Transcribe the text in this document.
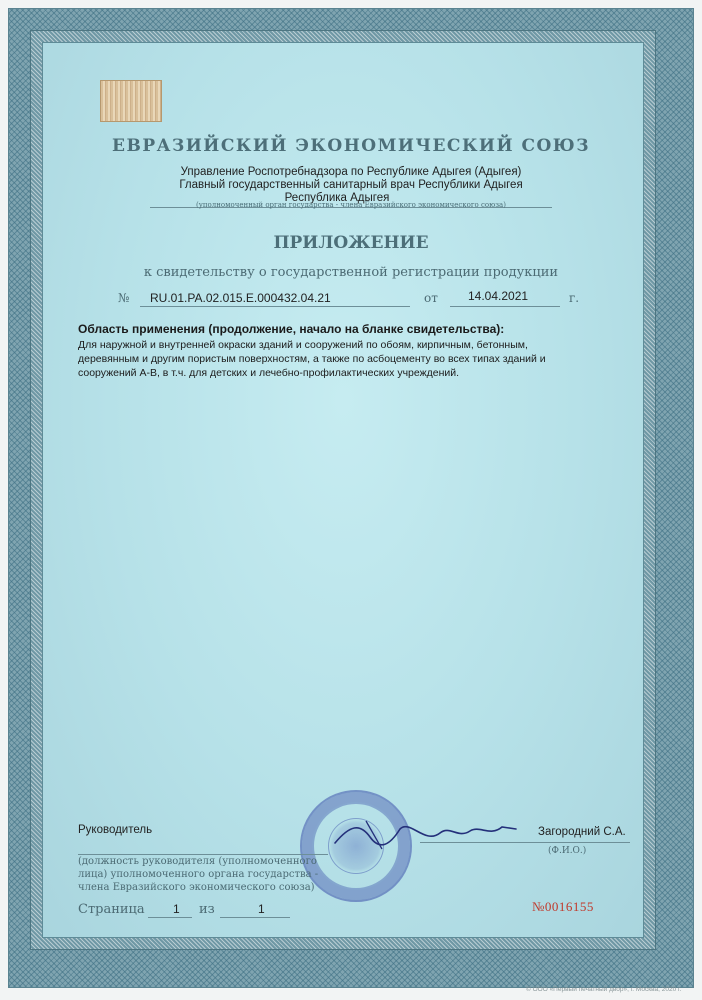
ЕВРАЗИЙСКИЙ ЭКОНОМИЧЕСКИЙ СОЮЗ
Управление Роспотребнадзора по Республике Адыгея (Адыгея)
Главный государственный санитарный врач Республики Адыгея
Республика Адыгея
(уполномоченный орган государства - члена Евразийского экономического союза)
ПРИЛОЖЕНИЕ
к свидетельству о государственной регистрации продукции
№ RU.01.РА.02.015.Е.000432.04.21	от	14.04.2021	г.
Область применения (продолжение, начало на бланке свидетельства):
Для наружной и внутренней окраски зданий и сооружений по обоям, кирпичным, бетонным,
деревянным и другим пористым поверхностям, а также по асбоцементу во всех типах зданий и
сооружений А-В, в т.ч. для детских и лечебно-профилактических учреждений.
Руководитель	Загородний С.А.
(Ф.И.О.)
(должность руководителя (уполномоченного
лица) уполномоченного органа государства -
члена Евразийского экономического союза)
Страница 1 из	1	№0016155
© ООО «Первый печатный двор», г. Москва, 2020 г.
